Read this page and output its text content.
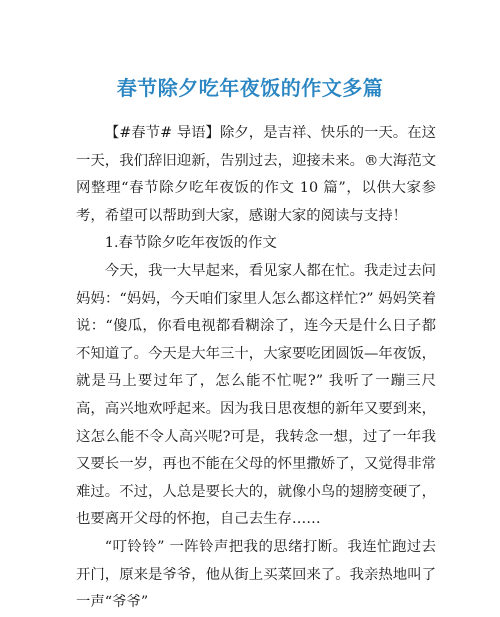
春节除夕吃年夜饭的作文多篇

【#春节# 导语】除夕，是吉祥、快乐的一天。在这一天，我们辞旧迎新，告别过去，迎接未来。®大海范文网整理“春节除夕吃年夜饭的作文 10 篇”，以供大家参考，希望可以帮助到大家，感谢大家的阅读与支持！

1.春节除夕吃年夜饭的作文

今天，我一大早起来，看见家人都在忙。我走过去问妈妈：“妈妈，今天咱们家里人怎么都这样忙?” 妈妈笑着说：“傻瓜，你看电视都看糊涂了，连今天是什么日子都不知道了。今天是大年三十，大家要吃团圆饭—年夜饭，就是马上要过年了，怎么能不忙呢?” 我听了一蹦三尺高，高兴地欢呼起来。因为我日思夜想的新年又要到来，这怎么能不令人高兴呢?可是，我转念一想，过了一年我又要长一岁，再也不能在父母的怀里撒娇了，又觉得非常难过。不过，人总是要长大的，就像小鸟的翅膀变硬了，也要离开父母的怀抱，自己去生存……

“叮铃铃” 一阵铃声把我的思绪打断。我连忙跑过去开门，原来是爷爷，他从街上买菜回来了。我亲热地叫了一声“爷爷”
